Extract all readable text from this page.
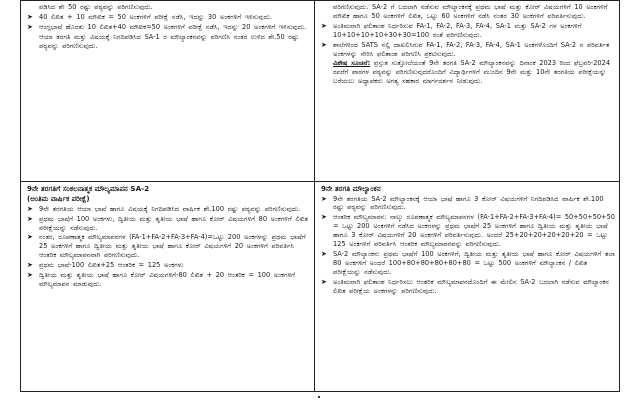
ಪಡಿಸಿದ ಶೇ 50 ರಷ್ಟು ಪಠ್ಯವನ್ನು ಪರಿಗಣಿಸುವುದು.
➤ 40 ಲಿಖಿತ + 10 ಮೌಖಿಕ = 50 ಅಂಕಗಳಿಗೆ ಪರೀಕ್ಷೆ ನಡೆಸಿ, ಇದನ್ನು 30 ಅಂಕಗಳಿಗೆ ಇಳಿಸುವುದು.
➤ ಆಂಗ್ಲಭಾಷೆ ಹೊರತು 10 ಲಿಖಿತ+40 ಮೌಖಿಕ=50 ಅಂಕಗಳಿಗೆ ಪರೀಕ್ಷೆ ನಡೆಸಿ, ಇದನ್ನು 20 ಅಂಕಗಳಿಗೆ ಇಳಿಸುವುದು.
ಆಯಾ ತರಗತಿ ಮತ್ತು ವಿಷಯಕ್ಕೆ ನಿಗದಿಪಡಿಸಿದ SA-1 ರ ಮೌಲ್ಯಾಂಕನವನ್ನು ಪರಿಗಣಿಸಿ ನಂತರ ಉಳಿದ ಶೇ.50 ರಷ್ಟು ಪಠ್ಯವನ್ನು ಪರಿಗಣಿಸುವುದು.
ಪರಿಗಣಿಸುವುದು. SA-2 ಗೆ ಬದಲಾಗಿ ನಡೆಸುವ ಮೌಲ್ಯಾಂಕನಕ್ಕೆ ಪ್ರಥಮ ಭಾಷೆ ಮತ್ತು ಕೋರ್ ವಿಷಯಗಳಿಗೆ 10 ಅಂಕಗಳಿಗೆ ಮೌಖಿಕ ಹಾಗೂ 50 ಅಂಕಗಳಿಗೆ ಲಿಖಿತ, ಒಟ್ಟು 60 ಅಂಕಗಳಿಗೆ ನಡೆಸಿ ನಂತರ 30 ಅಂಕಗಳಿಗೆ ಪರಿವರ್ತಿಸುವುದು.
➤ ಅಂತಿಮವಾಗಿ ಫಲಿತಾಂಶ ನಿರ್ಧರಿಸುವ FA-1, FA-2, FA-3, FA-4, SA-1 ಮತ್ತು SA-2 ಗಳ ಅಂಕಗಳಿಗೆ 10+10+10+10+30+30=100 ರಂತೆ ಪರಿಗಣಿಸುವುದು.
➤ ಶಾಲೆಗಳಿಂದ SATS ನಲ್ಲಿ ದಾಖಲಿಸಿರುವ FA-1, FA-2, FA-3, FA-4, SA-1 ಅಂಕಗಳೊಂದಿಗೆ SA-2 ನ ಪರಿವರ್ತಿತ ಅಂಕಗಳನ್ನು ಸೇರಿಸಿ ಫಲಿತಾಂಶ ಪರಿಗಣಿಸಿ ಪ್ರಕಟಿಸುವುದು.
ವಿಶೇಷ ಸೂಚನೆ: ಪ್ರಸ್ತುತ ಸುತ್ತೋಲೆಯಂತೆ 9ನೇ ತರಗತಿ SA-2 ಮೌಲ್ಯಾಂಕನವನ್ನು ದಿನಾಂಕ 2023 ರಿಂದ ಫೆಬ್ರವರಿ-2024 ರವರೆಗೆ ಪಾಠಗಳ ಪಠ್ಯವನ್ನು ಪರಿಗಣಿಸುವುದರೊಂದಿಗೆ ವಿದ್ಯಾರ್ಥಿಗಳಿಗೆ ಮುಂದಿನ 9ನೇ ಮತ್ತು 10ನೇ ತರಗತಿಯ ಪರೀಕ್ಷೆಯನ್ನು ಬರೆಯಲು ಅಧ್ಯಾಪಕರು ಅಗತ್ಯ ಸಹಕಾರ ಮಾರ್ಗದರ್ಶನ ನೀಡುವುದು.
9ನೇ ತರಗತಿಗೆ ಸಂಕಲನಾತ್ಮಕ ಮೌಲ್ಯಮಾಪನ SA-2
(ಅಂತಿಮ ವಾರ್ಷಿಕ ಪರೀಕ್ಷೆ)
➤ 9ನೇ ತರಗತಿಯ ಆಯಾ ಭಾಷೆ ಹಾಗೂ ವಿಷಯಕ್ಕೆ ನಿಗದಿಪಡಿಸಿದ ವಾರ್ಷಿಕ ಶೇ.100 ರಷ್ಟು ಪಠ್ಯವನ್ನು ಪರಿಗಣಿಸುವುದು.
➤ ಪ್ರಥಮ ಭಾಷೆಗೆ 100 ಅಂಕಗಳು, ದ್ವಿತೀಯ ಮತ್ತು ತೃತೀಯ ಭಾಷೆ ಹಾಗೂ ಕೋರ್ ವಿಷಯಗಳಿಗೆ 80 ಅಂಕಗಳಿಗೆ ಲಿಖಿತ ಪರೀಕ್ಷೆಯನ್ನು ನಡೆಸುವುದು.
➤ ನಂತರ, ರೂಪಣಾತ್ಮಕ ಮೌಲ್ಯಮಾಪನಗಳ (FA-1+FA-2+FA-3+FA-4)=ಒಟ್ಟು 200 ಅಂಕಗಳನ್ನು ಪ್ರಥಮ ಭಾಷೆಗೆ 25 ಅಂಕಗಳಿಗೆ ಹಾಗೂ ದ್ವಿತೀಯ ಮತ್ತು ತೃತೀಯ ಭಾಷೆ ಹಾಗೂ ಕೋರ್ ವಿಷಯಗಳಿಗೆ 20 ಅಂಕಗಳಿಗೆ ಪರಿವರ್ತಿಸಿ ಆಂತರಿಕ ಮೌಲ್ಯಮಾಪನವಾಗಿ ಪರಿಗಣಿಸುವುದು.
➤ ಪ್ರಥಮ ಭಾಷೆ-100 ಲಿಖಿತ+25 ಆಂತರಿಕ = 125 ಅಂಕಗಳು
➤ ದ್ವಿತೀಯ ಮತ್ತು ತೃತೀಯ ಭಾಷೆ ಹಾಗೂ ಕೋರ್ ವಿಷಯಗಳಿಗೆ-80 ಲಿಖಿತ + 20 ಆಂತರಿಕ = 100 ಅಂಕಗಳಿಗೆ ಮೌಲ್ಯಮಾಪನ ಮಾಡುವುದು.
9ನೇ ತರಗತಿ ಮೌಲ್ಯಾಂಕನ
➤ 9ನೇ ತರಗತಿಯ SA-2 ಮೌಲ್ಯಾಂಕನಕ್ಕೆ ಆಯಾ ಭಾಷೆ ಹಾಗೂ 3 ಕೋರ್ ವಿಷಯಗಳಿಗೆ ನಿಗದಿಪಡಿಸಿದ ವಾರ್ಷಿಕ ಶೇ.100 ರಷ್ಟು ಪಠ್ಯವನ್ನು ಪರಿಗಣಿಸುವುದು.
➤ ಆಂತರಿಕ ಮೌಲ್ಯಮಾಪನ: ನಾಲ್ಕು ರೂಪಣಾತ್ಮಕ ಮೌಲ್ಯಮಾಪನಗಳ (FA-1+FA-2+FA-3+FA-4)= 50+50+50+50 = ಒಟ್ಟು 200 ಅಂಕಗಳಿಗೆ ನಡೆಸಿದ ಅಂಕಗಳನ್ನು ಪ್ರಥಮ ಭಾಷೆಗೆ 25 ಅಂಕಗಳಿಗೆ ಹಾಗೂ ದ್ವಿತೀಯ ಮತ್ತು ತೃತೀಯ ಭಾಷೆ ಹಾಗೂ 3 ಕೋರ್ ವಿಷಯಗಳಿಗೆ 20 ಅಂಕಗಳಿಗೆ ಪರಿವರ್ತಿಸುವುದು. ಅಂದರೆ 25+20+20+20+20+20 = ಒಟ್ಟು 125 ಅಂಕಗಳಿಗೆ ಪರಿವರ್ತಿಸಿ ಆಂತರಿಕ ಮೌಲ್ಯಮಾಪನವನ್ನು ಪರಿಗಣಿಸುವುದು.
➤ SA-2 ಮೌಲ್ಯಾಂಕನ: ಪ್ರಥಮ ಭಾಷೆಗೆ 100 ಅಂಕಗಳಿಗೆ, ದ್ವಿತೀಯ ಮತ್ತು ತೃತೀಯ ಭಾಷೆ ಹಾಗೂ ಕೋರ್ ವಿಷಯಗಳಿಗೆ ತಲಾ 80 ಅಂಕಗಳಿಗೆ ಅಂದರೆ 100+80+80+80+80+80 = ಒಟ್ಟು 500 ಅಂಕಗಳಿಗೆ ಮೌಲ್ಯಾಂಕನ / ಲಿಖಿತ ಪರೀಕ್ಷೆಯನ್ನು ನಡೆಸುವುದು.
➤ ಅಂತಿಮವಾಗಿ ಫಲಿತಾಂಶ ನಿರ್ಧರಿಸಲು ಆಂತರಿಕ ಮೌಲ್ಯಮಾಪನದೊಂದಿಗೆ ಈ ಮೇಲಿನ SA-2 ಬದಲಾಗಿ ನಡೆಸುವ ಮೌಲ್ಯಾಂಕನ ಲಿಖಿತ ಪರೀಕ್ಷೆಯ ಅಂಕಗಳನ್ನು ಪರಿಗಣಿಸುವುದು.
